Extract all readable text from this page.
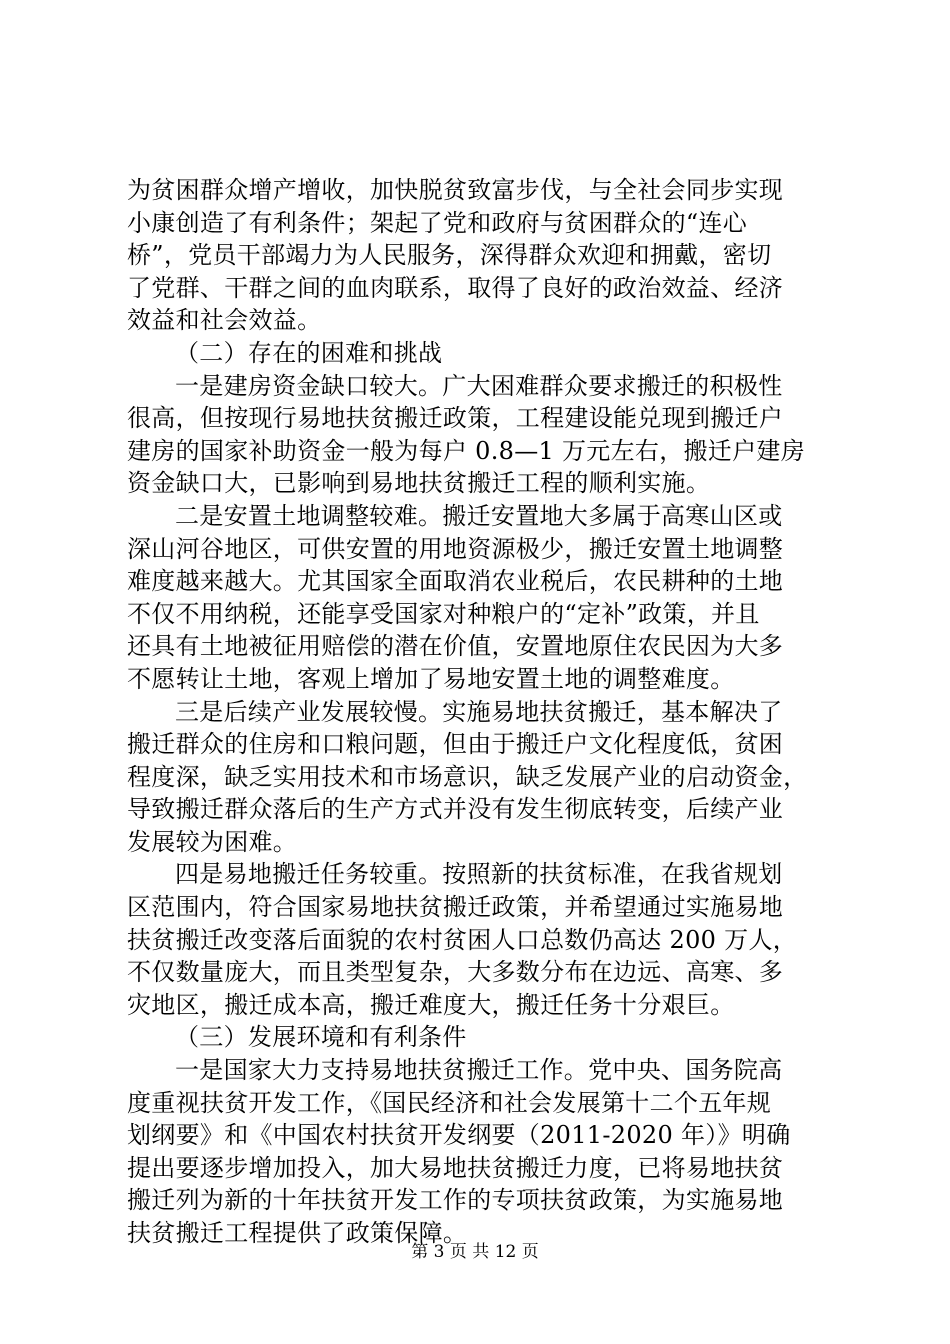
为贫困群众增产增收，加快脱贫致富步伐，与全社会同步实现
小康创造了有利条件；架起了党和政府与贫困群众的“连心
桥”，党员干部竭力为人民服务，深得群众欢迎和拥戴，密切
了党群、干群之间的血肉联系，取得了良好的政治效益、经济
效益和社会效益。
（二）存在的困难和挑战
一是建房资金缺口较大。广大困难群众要求搬迁的积极性
很高，但按现行易地扶贫搬迁政策，工程建设能兑现到搬迁户
建房的国家补助资金一般为每户 0.8—1 万元左右，搬迁户建房
资金缺口大，已影响到易地扶贫搬迁工程的顺利实施。
二是安置土地调整较难。搬迁安置地大多属于高寒山区或
深山河谷地区，可供安置的用地资源极少，搬迁安置土地调整
难度越来越大。尤其国家全面取消农业税后，农民耕种的土地
不仅不用纳税，还能享受国家对种粮户的“定补”政策，并且
还具有土地被征用赔偿的潜在价值，安置地原住农民因为大多
不愿转让土地，客观上增加了易地安置土地的调整难度。
三是后续产业发展较慢。实施易地扶贫搬迁，基本解决了
搬迁群众的住房和口粮问题，但由于搬迁户文化程度低，贫困
程度深，缺乏实用技术和市场意识，缺乏发展产业的启动资金，
导致搬迁群众落后的生产方式并没有发生彻底转变，后续产业
发展较为困难。
四是易地搬迁任务较重。按照新的扶贫标准，在我省规划
区范围内，符合国家易地扶贫搬迁政策，并希望通过实施易地
扶贫搬迁改变落后面貌的农村贫困人口总数仍高达 200 万人，
不仅数量庞大，而且类型复杂，大多数分布在边远、高寒、多
灾地区，搬迁成本高，搬迁难度大，搬迁任务十分艰巨。
（三）发展环境和有利条件
一是国家大力支持易地扶贫搬迁工作。党中央、国务院高
度重视扶贫开发工作，《国民经济和社会发展第十二个五年规
划纲要》和《中国农村扶贫开发纲要（2011-2020 年）》明确
提出要逐步增加投入，加大易地扶贫搬迁力度，已将易地扶贫
搬迁列为新的十年扶贫开发工作的专项扶贫政策，为实施易地
扶贫搬迁工程提供了政策保障。
第 3 页 共 12 页
